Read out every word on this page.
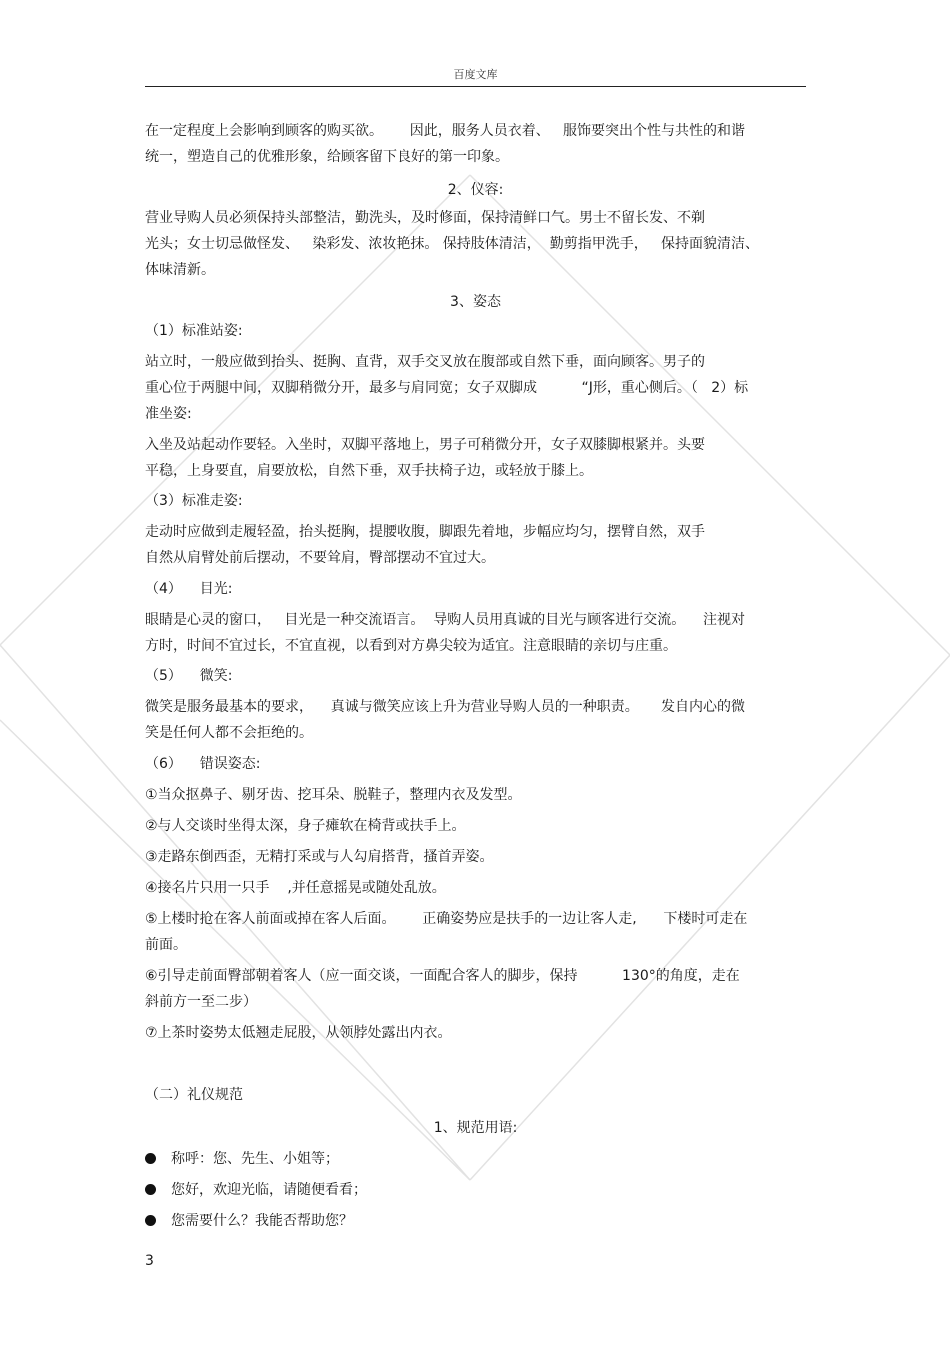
百度文库
在一定程度上会影响到顾客的购买欲。      因此，服务人员衣着、   服饰要突出个性与共性的和谐
统一，塑造自己的优雅形象，给顾客留下良好的第一印象。
2、仪容:
营业导购人员必须保持头部整洁，勤洗头，及时修面，保持清鲜口气。男士不留长发、不剃
光头；女士切忌做怪发、   染彩发、浓妆艳抹。 保持肢体清洁，  勤剪指甲洗手，   保持面貌清洁、
体味清新。
3、姿态
（1）标准站姿:
站立时，一般应做到抬头、挺胸、直背，双手交叉放在腹部或自然下垂，面向顾客。男子的
重心位于两腿中间，双脚稍微分开，最多与肩同宽；女子双脚成          “J形，重心侧后。（   2）标
准坐姿:
入坐及站起动作要轻。入坐时，双脚平落地上，男子可稍微分开，女子双膝脚根紧并。头要
平稳，上身要直，肩要放松，自然下垂，双手扶椅子边，或轻放于膝上。
（3）标准走姿:
走动时应做到走履轻盈，抬头挺胸，提腰收腹，脚跟先着地，步幅应均匀，摆臂自然，双手
自然从肩臂处前后摆动，不要耸肩，臀部摆动不宜过大。
（4）    目光:
眼睛是心灵的窗口，   目光是一种交流语言。  导购人员用真诚的目光与顾客进行交流。    注视对
方时，时间不宜过长，不宜直视，以看到对方鼻尖较为适宜。注意眼睛的亲切与庄重。
（5）    微笑:
微笑是服务最基本的要求，    真诚与微笑应该上升为营业导购人员的一种职责。     发自内心的微
笑是任何人都不会拒绝的。
（6）    错误姿态:
①当众抠鼻子、剔牙齿、挖耳朵、脱鞋子，整理内衣及发型。
②与人交谈时坐得太深，身子瘫软在椅背或扶手上。
③走路东倒西歪，无精打采或与人勾肩搭背，搔首弄姿。
④接名片只用一只手    ,并任意摇晃或随处乱放。
⑤上楼时抢在客人前面或掉在客人后面。      正确姿势应是扶手的一边让客人走,      下楼时可走在
前面。
⑥引导走前面臀部朝着客人（应一面交谈，一面配合客人的脚步，保持          130°的角度，走在
斜前方一至二步）
⑦上茶时姿势太低翘走屁股，从领脖处露出内衣。
（二）礼仪规范
1、规范用语:
称呼：您、先生、小姐等；
您好，欢迎光临，请随便看看；
您需要什么？我能否帮助您？
3
